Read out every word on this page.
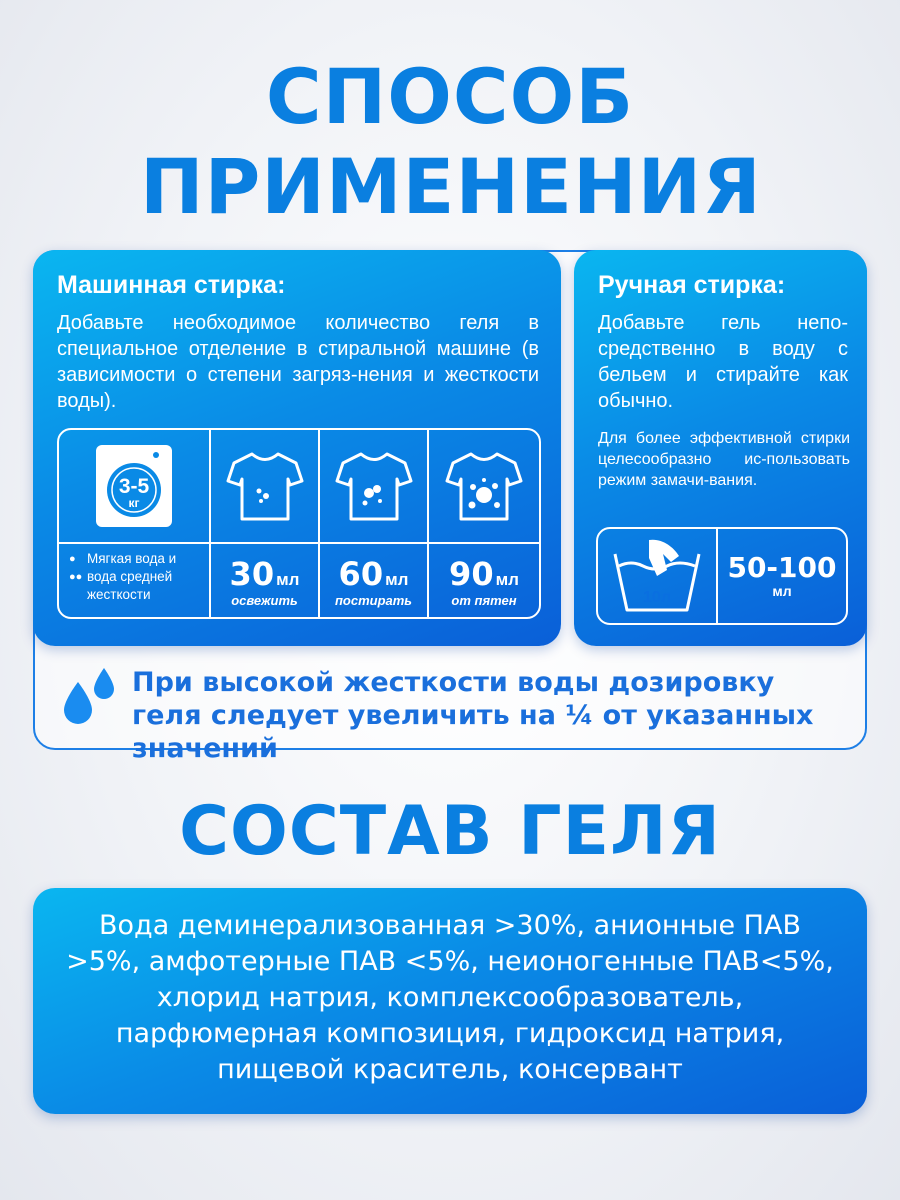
СПОСОБ ПРИМЕНЕНИЯ
Машинная стирка:
Добавьте необходимое количество геля в специальное отделение в стиральной машине (в зависимости о степени загряз-нения и жесткости воды).
3-5
кг
● Мягкая вода и
●● вода средней
жесткости
30 мл
освежить
60 мл
постирать
90 мл
от пятен
Ручная стирка:
Добавьте гель непо-средственно в воду с бельем и стирайте как обычно.
Для более эффективной стирки целесообразно ис-пользовать режим замачи-вания.
10л
50-100
мл
При высокой жесткости воды дозировку геля следует увеличить на ¼ от указанных значений
СОСТАВ ГЕЛЯ
Вода деминерализованная >30%, анионные ПАВ >5%, амфотерные ПАВ <5%, неионогенные ПАВ<5%, хлорид натрия, комплексообразователь, парфюмерная композиция, гидроксид натрия, пищевой краситель, консервант
